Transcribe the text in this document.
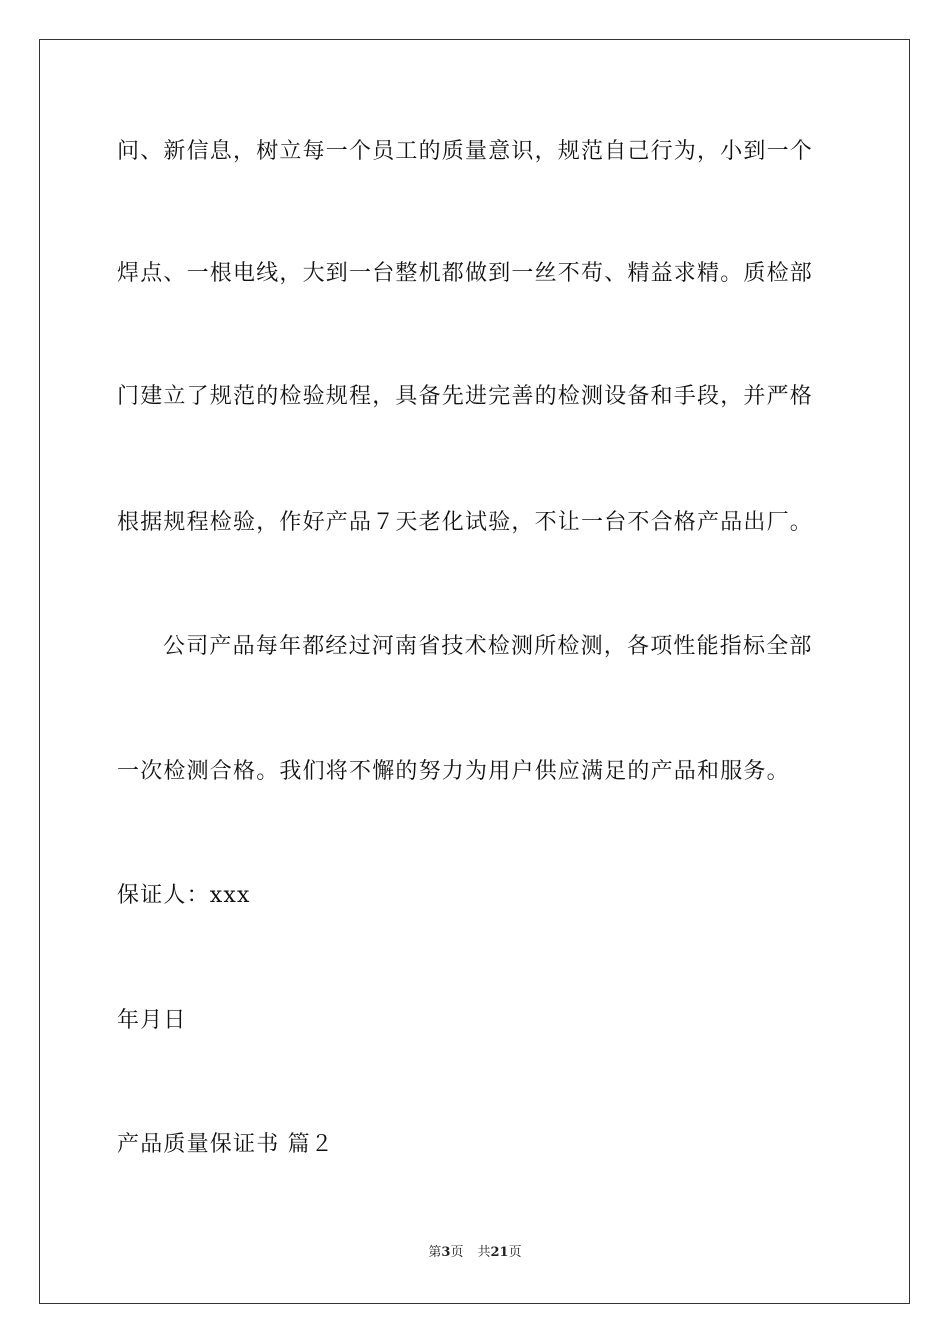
问、新信息，树立每一个员工的质量意识，规范自己行为，小到一个
焊点、一根电线，大到一台整机都做到一丝不苟、精益求精。质检部
门建立了规范的检验规程，具备先进完善的检测设备和手段，并严格
根据规程检验，作好产品７天老化试验，不让一台不合格产品出厂。
公司产品每年都经过河南省技术检测所检测，各项性能指标全部
一次检测合格。我们将不懈的努力为用户供应满足的产品和服务。
保证人：xxx
年月日
产品质量保证书 篇２
第3页 共21页
